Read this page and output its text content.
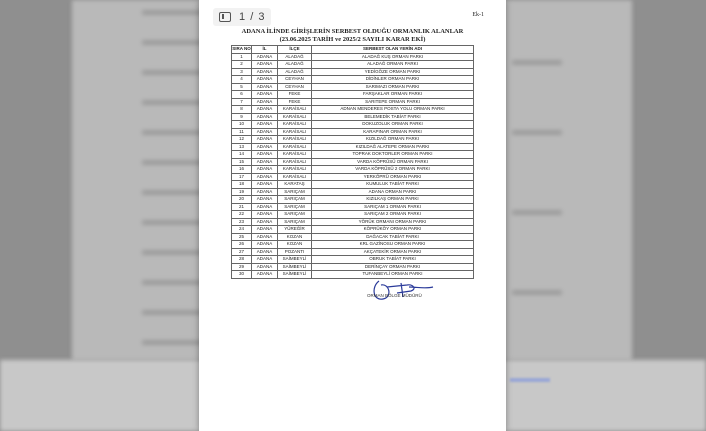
1 / 3	Ek-1
ADANA İLİNDE GİRİŞLERİN SERBEST OLDUĞU ORMANLIK ALANLAR
(23.06.2025 TARİH ve 2025/2 SAYILI KARAR EKİ)
SIRA NO	İL	İLÇE	SERBEST OLAN YERİN ADI
1	ADANA	ALADAĞ	ALADAĞ KUŞ ORMAN PARKI
2	ADANA	ALADAĞ	ALADAĞ ORMAN PARKI
3	ADANA	ALADAĞ	YEDİGÖZE ORMAN PARKI
4	ADANA	CEYHAN	DİDİNLER ORMAN PARKI
5	ADANA	CEYHAN	SARIMAZI ORMAN PARKI
6	ADANA	FEKE	FARŞAKLAR ORMAN PARKI
7	ADANA	FEKE	SARITEPE ORMAN PARKI
8	ADANA	KARAİSALI	ADNAN MENDERES POSTA YOLU ORMAN PARKI
9	ADANA	KARAİSALI	BELEMEDİK TABİAT PARKI
10	ADANA	KARAİSALI	DOKUZOLUK ORMAN PARKI
11	ADANA	KARAİSALI	KARAPINAR ORMAN PARKI
12	ADANA	KARAİSALI	KIZILDAĞ ORMAN PARKI
13	ADANA	KARAİSALI	KIZILDAĞ ALATEPE ORMAN PARKI
14	ADANA	KARAİSALI	TOPRAK DOKTORLER ORMAN PARKI
15	ADANA	KARAİSALI	VARDA KÖPRÜSÜ ORMAN PARKI
16	ADANA	KARAİSALI	VARDA KÖPRÜSÜ 2 ORMAN PARKI
17	ADANA	KARAİSALI	YERKÖPRÜ ORMAN PARKI
18	ADANA	KARATAŞ	KUMULUK TABİAT PARKI
19	ADANA	SARIÇAM	ADANA ORMAN PARKI
20	ADANA	SARIÇAM	KIZILKAŞ ORMAN PARKI
21	ADANA	SARIÇAM	SARIÇAM 1 ORMAN PARKI
22	ADANA	SARIÇAM	SARIÇAM 2 ORMAN PARKI
23	ADANA	SARIÇAM	YÖRÜK ORMANI ORMAN PARKI
24	ADANA	YÜREĞİR	KÖPRÜKÖY ORMAN PARKI
25	ADANA	KOZAN	DAĞACAK TABİAT PARKI
26	ADANA	KOZAN	KRL GAZİNOSU ORMAN PARKI
27	ADANA	POZANTI	AKÇATEKİR ORMAN PARKI
28	ADANA	SAİMBEYLİ	OBRUK TABİAT PARKI
29	ADANA	SAİMBEYLİ	DERİNÇAY ORMAN PARKI
30	ADANA	SAİMBEYLİ	TUFANBEYLİ ORMAN PARKI
ORMAN BÖLGE MÜDÜRÜ
